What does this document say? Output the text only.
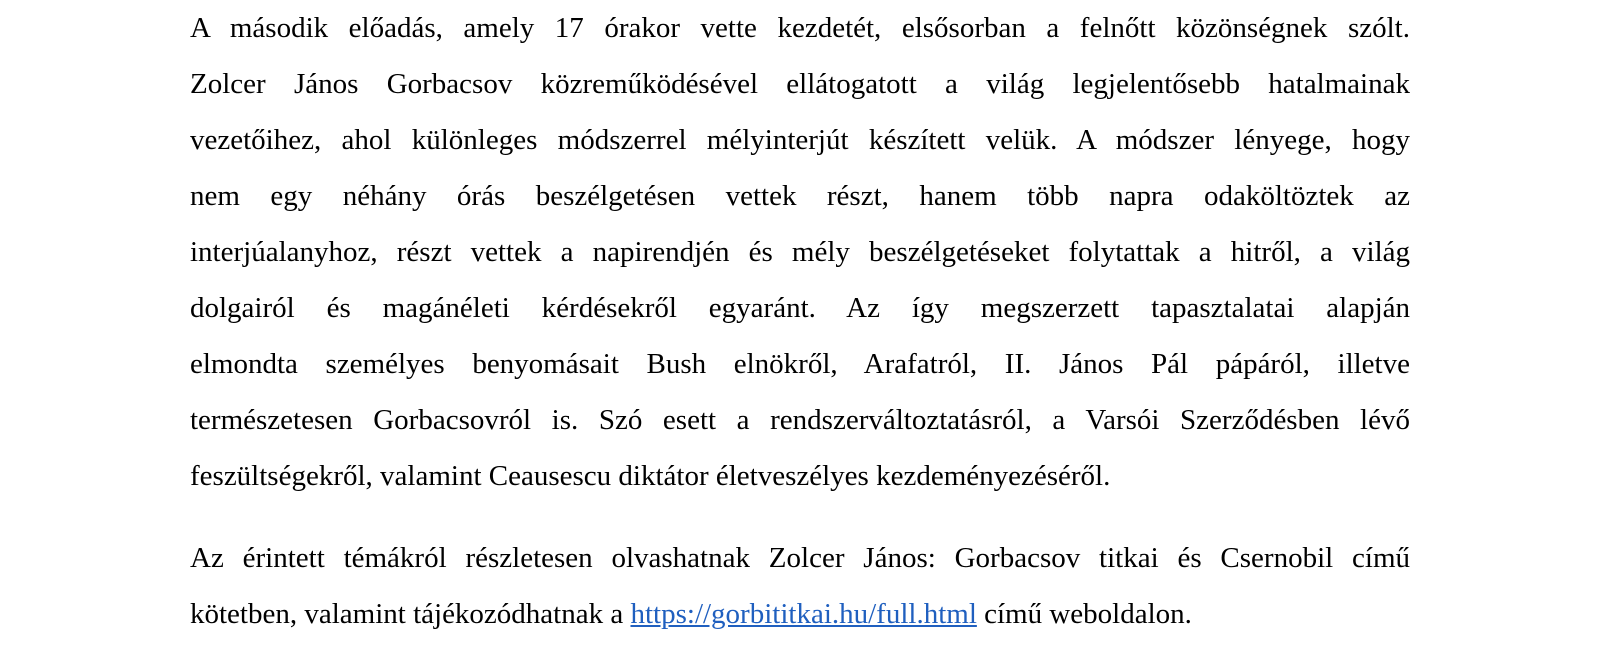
A második előadás, amely 17 órakor vette kezdetét, elsősorban a felnőtt közönségnek szólt.
Zolcer János Gorbacsov közreműködésével ellátogatott a világ legjelentősebb hatalmainak
vezetőihez, ahol különleges módszerrel mélyinterjút készített velük. A módszer lényege, hogy
nem egy néhány órás beszélgetésen vettek részt, hanem több napra odaköltöztek az
interjúalanyhoz, részt vettek a napirendjén és mély beszélgetéseket folytattak a hitről, a világ
dolgairól és magánéleti kérdésekről egyaránt. Az így megszerzett tapasztalatai alapján
elmondta személyes benyomásait Bush elnökről, Arafatról, II. János Pál pápáról, illetve
természetesen Gorbacsovról is. Szó esett a rendszerváltoztatásról, a Varsói Szerződésben lévő
feszültségekről, valamint Ceausescu diktátor életveszélyes kezdeményezéséről.

Az érintett témákról részletesen olvashatnak Zolcer János: Gorbacsov titkai és Csernobil című
kötetben, valamint tájékozódhatnak a https://gorbititkai.hu/full.html című weboldalon.
